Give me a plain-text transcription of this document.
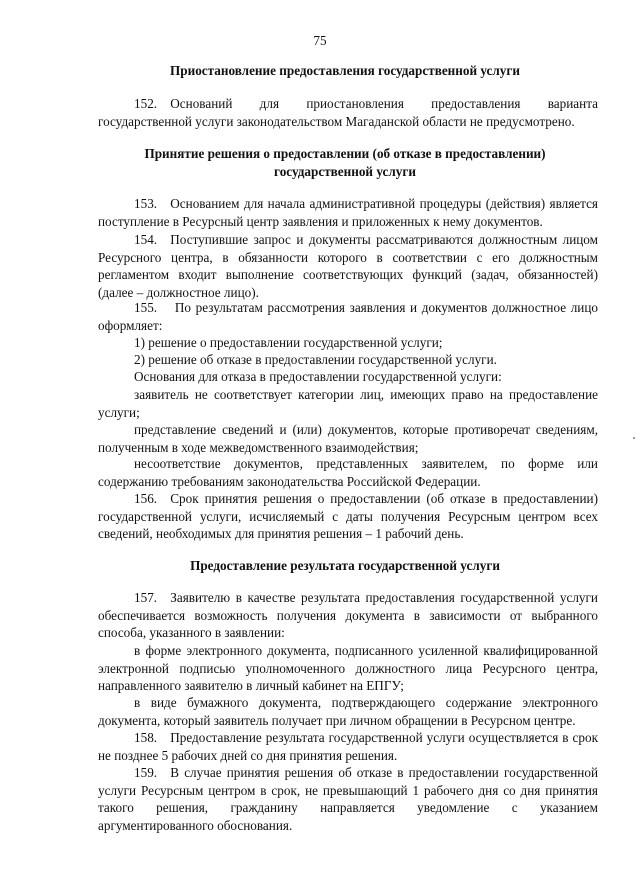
75
Приостановление предоставления государственной услуги
152. Оснований для приостановления предоставления варианта государственной услуги законодательством Магаданской области не предусмотрено.
Принятие решения о предоставлении (об отказе в предоставлении)
государственной услуги
153. Основанием для начала административной процедуры (действия) является поступление в Ресурсный центр заявления и приложенных к нему документов.
154. Поступившие запрос и документы рассматриваются должностным лицом Ресурсного центра, в обязанности которого в соответствии с его должностным регламентом входит выполнение соответствующих функций (задач, обязанностей) (далее – должностное лицо).
155.  По результатам рассмотрения заявления и документов должностное лицо оформляет:
1) решение о предоставлении государственной услуги;
2) решение об отказе в предоставлении государственной услуги.
Основания для отказа в предоставлении государственной услуги:
заявитель не соответствует категории лиц, имеющих право на предоставление услуги;
представление сведений и (или) документов, которые противоречат сведениям, полученным в ходе межведомственного взаимодействия;
несоответствие документов, представленных заявителем, по форме или содержанию требованиям законодательства Российской Федерации.
156. Срок принятия решения о предоставлении (об отказе в предоставлении) государственной услуги, исчисляемый с даты получения Ресурсным центром всех сведений, необходимых для принятия решения – 1 рабочий день.
Предоставление результата государственной услуги
157. Заявителю в качестве результата предоставления государственной услуги обеспечивается возможность получения документа в зависимости от выбранного способа, указанного в заявлении:
в форме электронного документа, подписанного усиленной квалифицированной электронной подписью уполномоченного должностного лица Ресурсного центра, направленного заявителю в личный кабинет на ЕПГУ;
в виде бумажного документа, подтверждающего содержание электронного документа, который заявитель получает при личном обращении в Ресурсном центре.
158. Предоставление результата государственной услуги осуществляется в срок не позднее 5 рабочих дней со дня принятия решения.
159. В случае принятия решения об отказе в предоставлении государственной услуги Ресурсным центром в срок, не превышающий 1 рабочего дня со дня принятия такого решения, гражданину направляется уведомление с указанием аргументированного обоснования.
